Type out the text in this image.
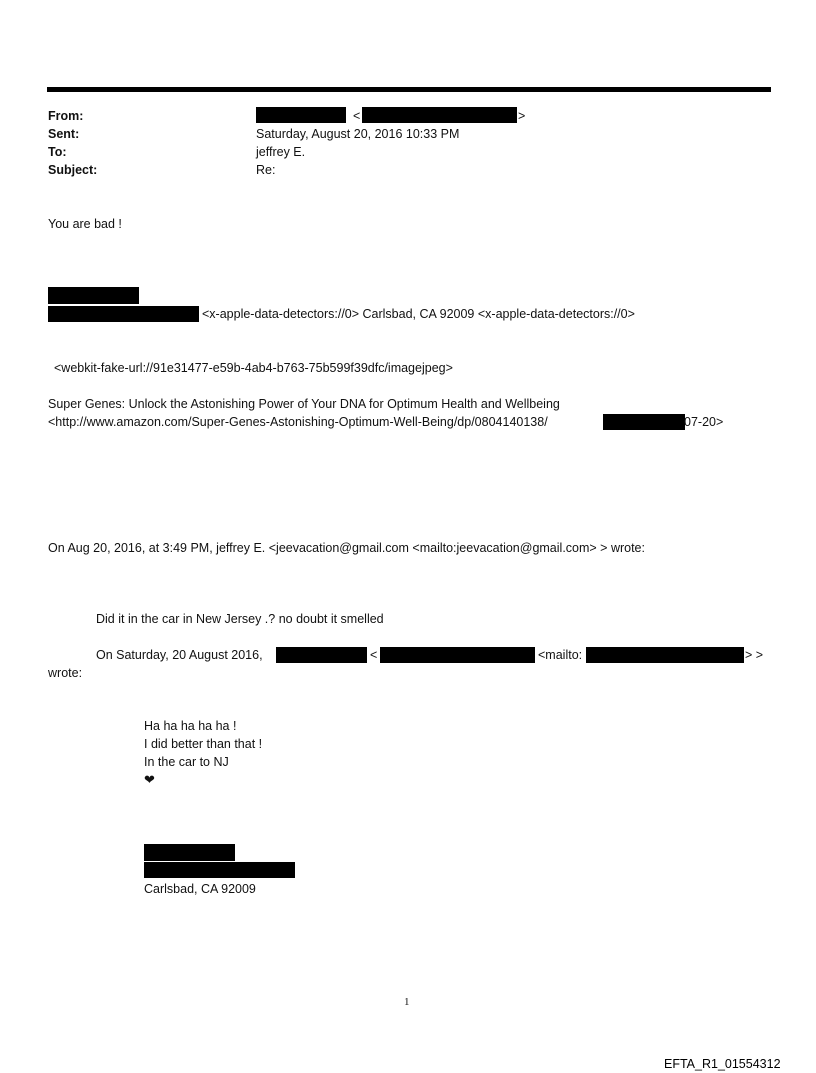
From:	<	>
Sent:	Saturday, August 20, 2016 10:33 PM
To:	jeffrey E.
Subject:	Re:
You are bad !
<x-apple-data-detectors://0> Carlsbad, CA 92009 <x-apple-data-detectors://0>
<webkit-fake-url://91e31477-e59b-4ab4-b763-75b599f39dfc/imagejpeg>
Super Genes: Unlock the Astonishing Power of Your DNA for Optimum Health and Wellbeing
<http://www.amazon.com/Super-Genes-Astonishing-Optimum-Well-Being/dp/0804140138/	07-20>
On Aug 20, 2016, at 3:49 PM, jeffrey E. <jeevacation@gmail.com <mailto:jeevacation@gmail.com> > wrote:
Did it in the car in New Jersey .? no doubt it smelled
On Saturday, 20 August 2016,	<	<mailto:	> >
wrote:
Ha ha ha ha ha !
I did better than that !
In the car to NJ
❤
Carlsbad, CA 92009
1
EFTA_R1_01554312
